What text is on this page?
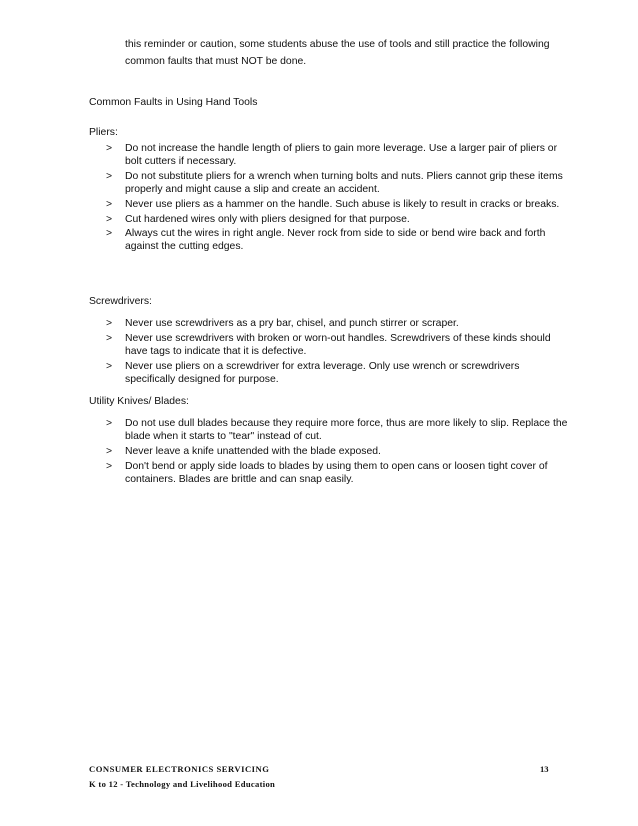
this reminder or caution, some students abuse the use of tools and still practice the following common faults that must NOT be done.
Common Faults in Using Hand Tools
Pliers:
> Do not increase the handle length of pliers to gain more leverage. Use a larger pair of pliers or bolt cutters if necessary.
> Do not substitute pliers for a wrench when turning bolts and nuts. Pliers cannot grip these items properly and might cause a slip and create an accident.
> Never use pliers as a hammer on the handle. Such abuse is likely to result in cracks or breaks.
> Cut hardened wires only with pliers designed for that purpose.
> Always cut the wires in right angle. Never rock from side to side or bend wire back and forth against the cutting edges.
Screwdrivers:
> Never use screwdrivers as a pry bar, chisel, and punch stirrer or scraper.
> Never use screwdrivers with broken or worn-out handles. Screwdrivers of these kinds should have tags to indicate that it is defective.
> Never use pliers on a screwdriver for extra leverage. Only use wrench or screwdrivers specifically designed for purpose.
Utility Knives/ Blades:
> Do not use dull blades because they require more force, thus are more likely to slip. Replace the blade when it starts to "tear" instead of cut.
> Never leave a knife unattended with the blade exposed.
> Don't bend or apply side loads to blades by using them to open cans or loosen tight cover of containers. Blades are brittle and can snap easily.
CONSUMER ELECTRONICS SERVICING	13
K to 12 - Technology and Livelihood Education
